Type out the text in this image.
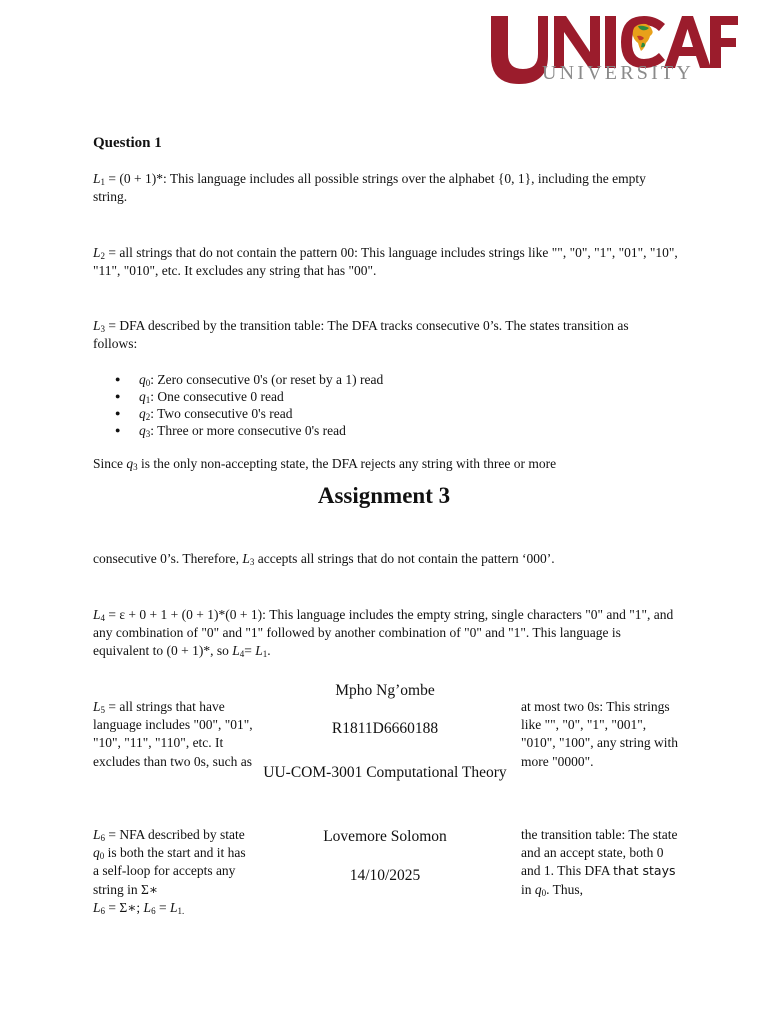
UNIVERSITY
Question 1

$L_1 = (0 + 1)*$: This language includes all possible strings over the alphabet {0, 1}, including the empty string.

$L_2$ = all strings that do not contain the pattern 00: This language includes strings like "", "0", "1", "01", "10", "11", "010", etc. It excludes any string that has "00".

$L_3$ = DFA described by the transition table: The DFA tracks consecutive 0’s. The states transition as follows:

● $q_0$: Zero consecutive 0's (or reset by a 1) read
● $q_1$: One consecutive 0 read
● $q_2$: Two consecutive 0's read
● $q_3$: Three or more consecutive 0's read

Since $q_3$ is the only non-accepting state, the DFA rejects any string with three or more

Assignment 3

consecutive 0’s. Therefore, $L_3$ accepts all strings that do not contain the pattern ‘000’.

$L_4 = \varepsilon + 0 + 1 + (0 + 1)*(0 + 1)$: This language includes the empty string, single characters "0" and "1", and any combination of "0" and "1" followed by another combination of "0" and "1". This language is equivalent to (0 + 1)*, so $L_4= L_1$.

Mpho Ng’ombe
R1811D6660188
UU-COM-3001 Computational Theory
Lovemore Solomon
14/10/2025

$L_5$ = all strings that have language includes "00", "01", "10", "11", "110", etc. It excludes than two 0s, such as

at most two 0s: This strings like "", "0", "1", "001", "010", "100", any string with more "0000".

$L_6$ = NFA described by state $q_0$ is both the start and it has a self-loop for accepts any string in Σ∗
$L_6$ = Σ∗; $L_6 = L_{1.}$

the transition table: The state and an accept state, both 0 and 1. This DFA that stays in $q_0$. Thus,
